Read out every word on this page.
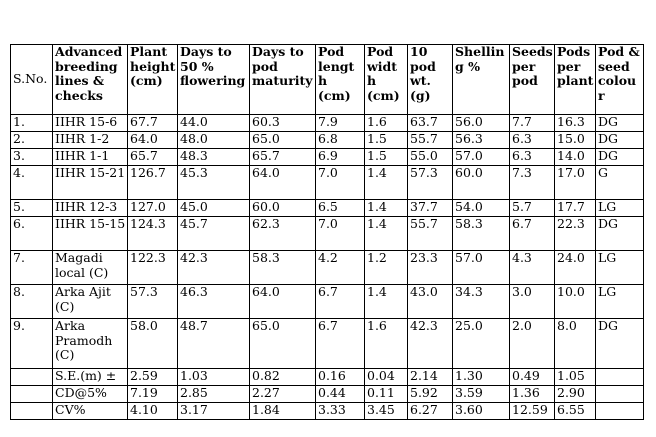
S.No.	Advanced breeding lines & checks	Plant height (cm)	Days to 50 % flowering	Days to pod maturity	Pod length (cm)	Pod width (cm)	10 pod wt.(g)	Shelling %	Seeds per pod	Pods per plant	Pod & seed colour
1.	IIHR 15-6	67.7	44.0	60.3	7.9	1.6	63.7	56.0	7.7	16.3	DG
2.	IIHR 1-2	64.0	48.0	65.0	6.8	1.5	55.7	56.3	6.3	15.0	DG
3.	IIHR 1-1	65.7	48.3	65.7	6.9	1.5	55.0	57.0	6.3	14.0	DG
4.	IIHR 15-21	126.7	45.3	64.0	7.0	1.4	57.3	60.0	7.3	17.0	G
5.	IIHR 12-3	127.0	45.0	60.0	6.5	1.4	37.7	54.0	5.7	17.7	LG
6.	IIHR 15-15	124.3	45.7	62.3	7.0	1.4	55.7	58.3	6.7	22.3	DG
7.	Magadi local (C)	122.3	42.3	58.3	4.2	1.2	23.3	57.0	4.3	24.0	LG
8.	Arka Ajit (C)	57.3	46.3	64.0	6.7	1.4	43.0	34.3	3.0	10.0	LG
9.	Arka Pramodh (C)	58.0	48.7	65.0	6.7	1.6	42.3	25.0	2.0	8.0	DG
	S.E.(m) ±	2.59	1.03	0.82	0.16	0.04	2.14	1.30	0.49	1.05	
	CD@5%	7.19	2.85	2.27	0.44	0.11	5.92	3.59	1.36	2.90	
	CV%	4.10	3.17	1.84	3.33	3.45	6.27	3.60	12.59	6.55	
